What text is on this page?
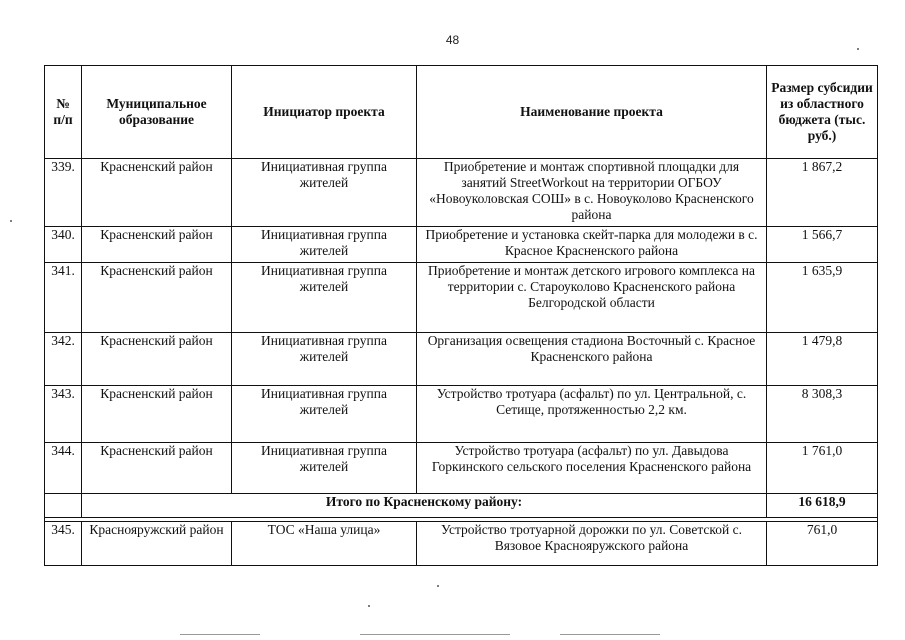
48
№ п/п	Муниципальное образование	Инициатор проекта	Наименование проекта	Размер субсидии из областного бюджета (тыс. руб.)
339.	Красненский район	Инициативная группа жителей	Приобретение и монтаж спортивной площадки для занятий StreetWorkout на территории ОГБОУ «Новоуколовская СОШ» в с. Новоуколово Красненского района	1 867,2
340.	Красненский район	Инициативная группа жителей	Приобретение и установка скейт-парка для молодежи в с. Красное Красненского района	1 566,7
341.	Красненский район	Инициативная группа жителей	Приобретение и монтаж детского игрового комплекса на территории с. Староуколово Красненского района Белгородской области	1 635,9
342.	Красненский район	Инициативная группа жителей	Организация освещения стадиона Восточный с. Красное Красненского района	1 479,8
343.	Красненский район	Инициативная группа жителей	Устройство тротуара (асфальт) по ул. Центральной, с. Сетище, протяженностью 2,2 км.	8 308,3
344.	Красненский район	Инициативная группа жителей	Устройство тротуара (асфальт) по ул. Давыдова Горкинского сельского поселения Красненского района	1 761,0
	Итого по Красненскому району:			16 618,9

345.	Краснояружский район	ТОС «Наша улица»	Устройство тротуарной дорожки по ул. Советской с. Вязовое Краснояружского района	761,0
